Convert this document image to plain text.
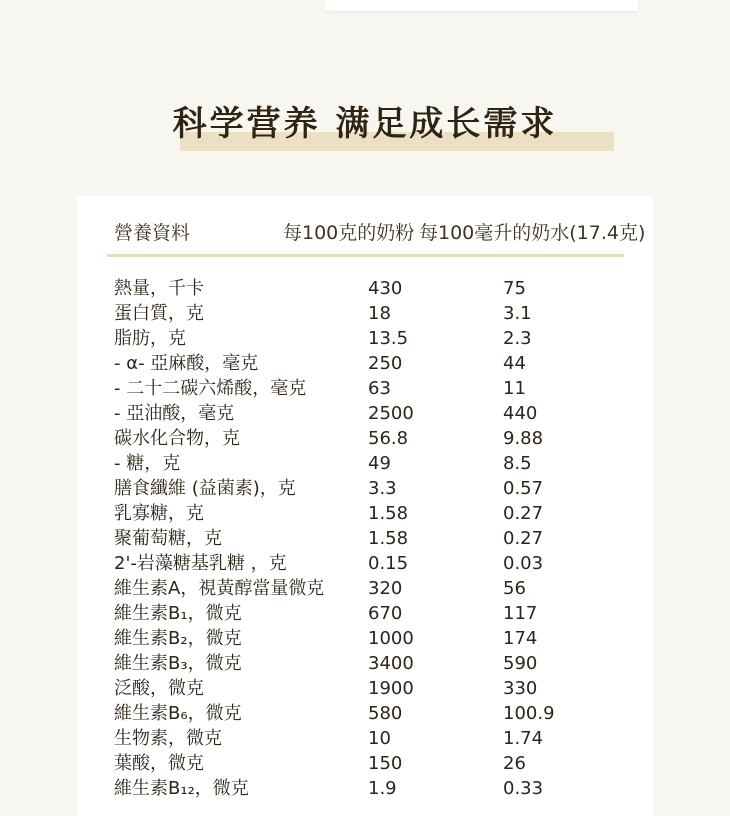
科学营养 满足成长需求
營養資料	每100克的奶粉 每100毫升的奶水(17.4克)
熱量，千卡	430	75
蛋白質，克	18	3.1
脂肪，克	13.5	2.3
- α- 亞麻酸，毫克	250	44
- 二十二碳六烯酸，毫克	63	11
- 亞油酸，毫克	2500	440
碳水化合物，克	56.8	9.88
- 糖，克	49	8.5
膳食纖維 (益菌素)，克	3.3	0.57
乳寡糖，克	1.58	0.27
聚葡萄糖，克	1.58	0.27
2'-岩藻糖基乳糖 ，克	0.15	0.03
維生素A，視黃醇當量微克 320	56
維生素B₁，微克	670	117
維生素B₂，微克	1000	174
維生素B₃，微克	3400	590
泛酸，微克	1900	330
維生素B₆，微克	580	100.9
生物素，微克	10	1.74
葉酸，微克	150	26
維生素B₁₂，微克	1.9	0.33
